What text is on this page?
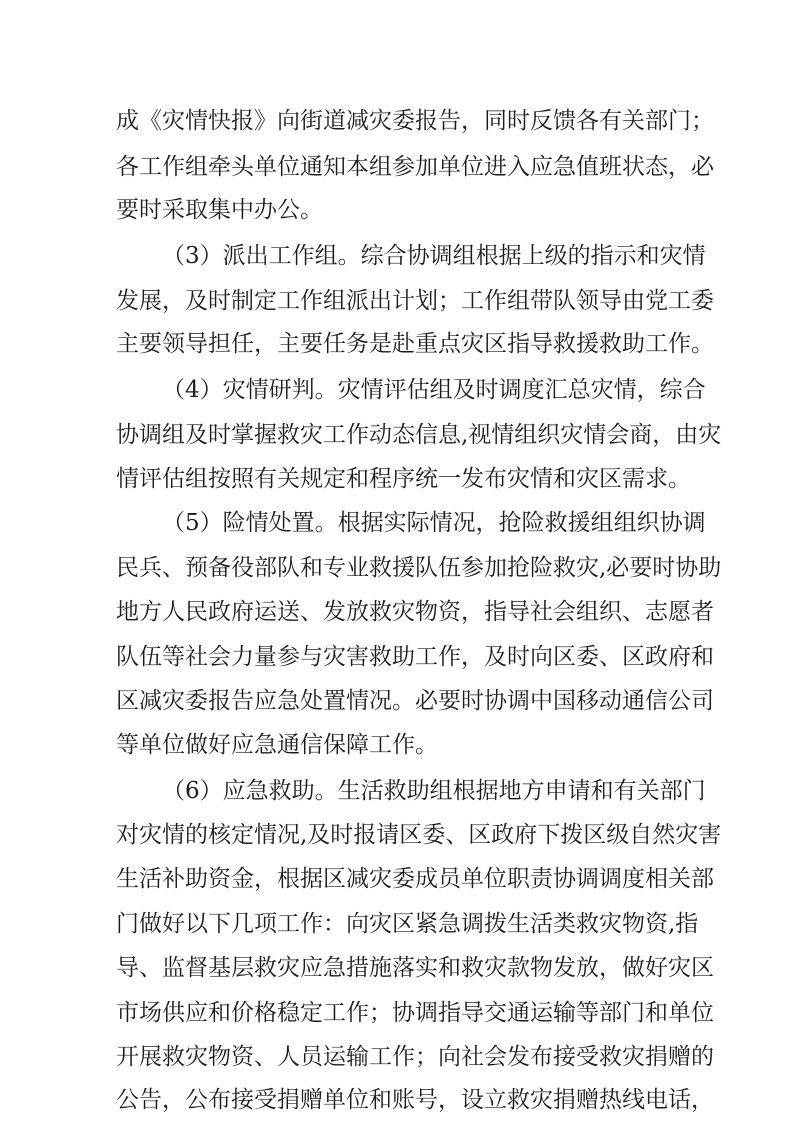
成《灾情快报》向街道减灾委报告，同时反馈各有关部门；
各工作组牵头单位通知本组参加单位进入应急值班状态，必
要时采取集中办公。
（3）派出工作组。综合协调组根据上级的指示和灾情
发展，及时制定工作组派出计划；工作组带队领导由党工委
主要领导担任，主要任务是赴重点灾区指导救援救助工作。
（4）灾情研判。灾情评估组及时调度汇总灾情，综合
协调组及时掌握救灾工作动态信息,视情组织灾情会商，由灾
情评估组按照有关规定和程序统一发布灾情和灾区需求。
（5）险情处置。根据实际情况，抢险救援组组织协调
民兵、预备役部队和专业救援队伍参加抢险救灾,必要时协助
地方人民政府运送、发放救灾物资，指导社会组织、志愿者
队伍等社会力量参与灾害救助工作，及时向区委、区政府和
区减灾委报告应急处置情况。必要时协调中国移动通信公司
等单位做好应急通信保障工作。
（6）应急救助。生活救助组根据地方申请和有关部门
对灾情的核定情况,及时报请区委、区政府下拨区级自然灾害
生活补助资金，根据区减灾委成员单位职责协调调度相关部
门做好以下几项工作：向灾区紧急调拨生活类救灾物资,指
导、监督基层救灾应急措施落实和救灾款物发放，做好灾区
市场供应和价格稳定工作；协调指导交通运输等部门和单位
开展救灾物资、人员运输工作；向社会发布接受救灾捐赠的
公告，公布接受捐赠单位和账号，设立救灾捐赠热线电话，
